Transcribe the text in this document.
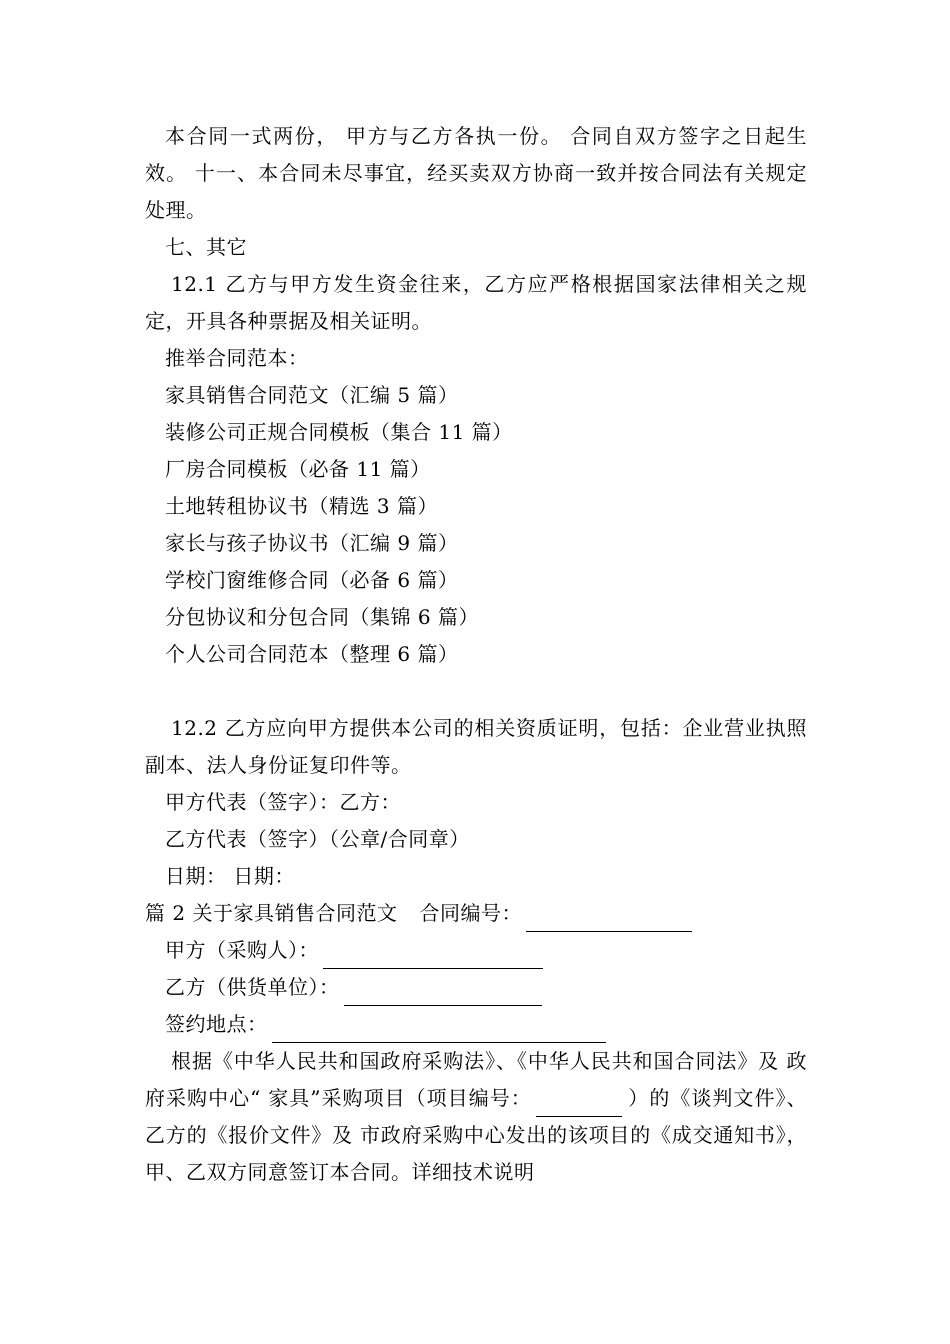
本合同一式两份， 甲方与乙方各执一份。 合同自双方签字之日起生效。 十一、本合同未尽事宜，经买卖双方协商一致并按合同法有关规定处理。

七、其它

12.1 乙方与甲方发生资金往来，乙方应严格根据国家法律相关之规定，开具各种票据及相关证明。

推举合同范本：

家具销售合同范文（汇编 5 篇）

装修公司正规合同模板（集合 11 篇）

厂房合同模板（必备 11 篇）

土地转租协议书（精选 3 篇）

家长与孩子协议书（汇编 9 篇）

学校门窗维修合同（必备 6 篇）

分包协议和分包合同（集锦 6 篇）

个人公司合同范本（整理 6 篇）

12.2 乙方应向甲方提供本公司的相关资质证明，包括：企业营业执照副本、法人身份证复印件等。

甲方代表（签字）：乙方：

乙方代表（签字）（公章/合同章）

日期： 日期：

篇 2 关于家具销售合同范文 合同编号：

甲方（采购人）：

乙方（供货单位）：

签约地点：

根据《中华人民共和国政府采购法》、《中华人民共和国合同法》及 政府采购中心“ 家具”采购项目（项目编号：	）的《谈判文件》、乙方的《报价文件》及 市政府采购中心发出的该项目的《成交通知书》，甲、乙双方同意签订本合同。详细技术说明
